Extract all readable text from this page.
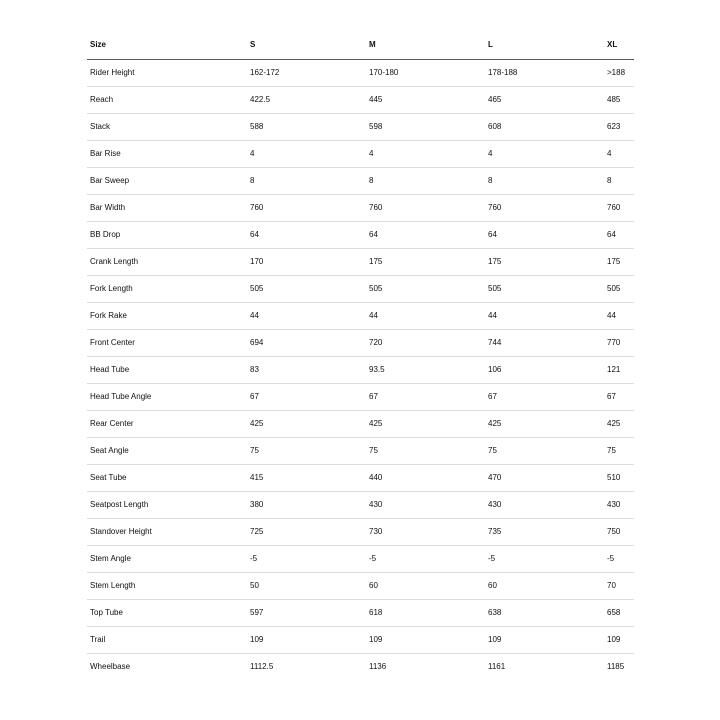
Size	S	M	L	XL
Rider Height	162-172	170-180	178-188	>188
Reach	422.5	445	465	485
Stack	588	598	608	623
Bar Rise	4	4	4	4
Bar Sweep	8	8	8	8
Bar Width	760	760	760	760
BB Drop	64	64	64	64
Crank Length	170	175	175	175
Fork Length	505	505	505	505
Fork Rake	44	44	44	44
Front Center	694	720	744	770
Head Tube	83	93.5	106	121
Head Tube Angle	67	67	67	67
Rear Center	425	425	425	425
Seat Angle	75	75	75	75
Seat Tube	415	440	470	510
Seatpost Length	380	430	430	430
Standover Height	725	730	735	750
Stem Angle	-5	-5	-5	-5
Stem Length	50	60	60	70
Top Tube	597	618	638	658
Trail	109	109	109	109
Wheelbase	1112.5	1136	1161	1185
